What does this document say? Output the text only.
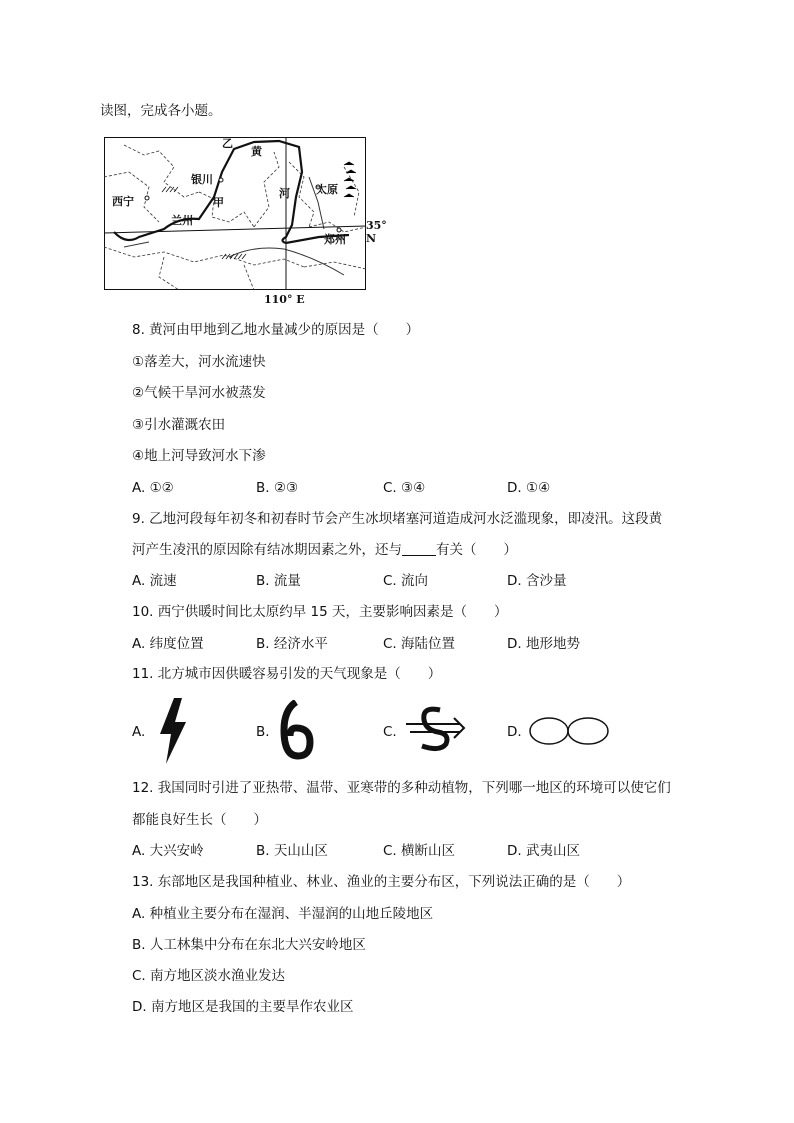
读图，完成各小题。
乙
黄
银川
河 太原
西宁	甲
兰州
郑州
35° N
110° E
8. 黄河由甲地到乙地水量减少的原因是（　　）
①落差大，河水流速快
②气候干旱河水被蒸发
③引水灌溉农田
④地上河导致河水下渗
A. ①②	B. ②③	C. ③④	D. ①④
9. 乙地河段每年初冬和初春时节会产生冰坝堵塞河道造成河水泛滥现象，即凌汛。这段黄
河产生凌汛的原因除有结冰期因素之外，还与	有关（　　）
A. 流速	B. 流量	C. 流向	D. 含沙量
10. 西宁供暖时间比太原约早 15 天，主要影响因素是（　　）
A. 纬度位置	B. 经济水平	C. 海陆位置	D. 地形地势
11. 北方城市因供暖容易引发的天气现象是（　　）
A.	B.	C.	D.
12. 我国同时引进了亚热带、温带、亚寒带的多种动植物，下列哪一地区的环境可以使它们
都能良好生长（　　）
A. 大兴安岭	B. 天山山区	C. 横断山区	D. 武夷山区
13. 东部地区是我国种植业、林业、渔业的主要分布区，下列说法正确的是（　　）
A. 种植业主要分布在湿润、半湿润的山地丘陵地区
B. 人工林集中分布在东北大兴安岭地区
C. 南方地区淡水渔业发达
D. 南方地区是我国的主要旱作农业区
